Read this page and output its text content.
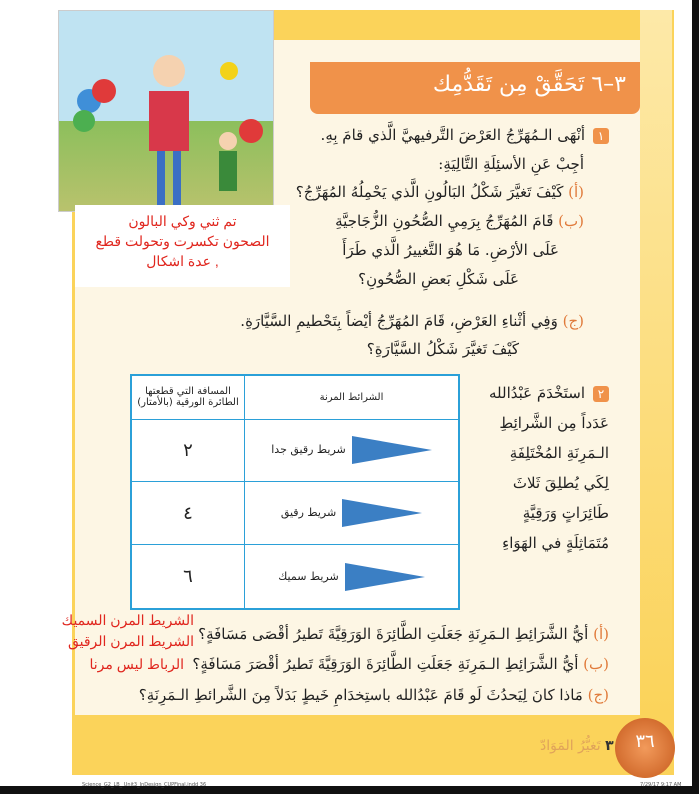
٣–٦ تَحَقَّقْ مِن تَقَدُّمِك
تم ثني وكي البالون
الصحون تكسرت وتحولت قطع
, عدة اشكال
١أنْهَى الـمُهَرِّجُ العَرْضَ التَّرفيهيَّ الَّذي قامَ بِهِ.
أجِبْ عَنِ الأسئِلَةِ التَّالِيَةِ:
(أ) كَيْفَ تَغيَّرَ شَكْلُ البَالُونِ الَّذي يَحْمِلُهُ المُهَرِّجُ؟
(ب) قَامَ المُهَرِّجُ بِرَمِيِ الصُّحُونِ الزُّجَاجيَّةِ
عَلَى الأرْضِ. مَا هُوَ التَّغييرُ الَّذي طَرَأَ
عَلَى شَكْلِ بَعضِ الصُّحُونِ؟
(ج) وَفِي أثْناءِ العَرْضِ، قَامَ المُهَرِّجُ أيْضاً بِتَحْطيمِ السَّيَّارَةِ.
كَيْفَ تَغيَّرَ شَكْلُ السَّيَّارَةِ؟
٢استَخْدَمَ عَبْدُالله
عَدَداً مِن الشَّرائِطِ
الـمَرِنَةِ المُخْتَلِفَةِ
لِكَي يُطلِقَ ثَلاثَ
طَائِرَاتٍ وَرَقِيَّةٍ
مُتَمَاثِلَةٍ في الهَوَاءِ
الشرائط المرنة	المسافة التي قطعتها الطائرة الورقية (بالأمتار)
شريط رقيق جدا	٢
شريط رقيق	٤
شريط سميك	٦
(أ) أيُّ الشَّرَائِطِ الـمَرِنَةِ جَعَلَتِ الطَّائِرَةَ الوَرَقِيَّةَ تَطيرُ أقْصَى مَسَافَةٍ؟
(ب) أيُّ الشَّرَائِطِ الـمَرِنَةِ جَعَلَتِ الطَّائِرَةَ الوَرَقِيَّةَ تَطيرُ أقْصَرَ مَسَافَةٍ؟
(ج) مَاذا كانَ لِيَحدُثَ لَو قَامَ عَبْدُالله باستِخدَامِ خَيطٍ بَدَلاً مِنَ الشَّرائطِ الـمَرِنَةِ؟
الشريط المرن السميك
الشريط المرن الرقيق
الرباط ليس مرنا
٣ تَغيُّرُ المَوَادّ	٣٦
Science_G2_LB_ Unit3_InDesign_CUPFinal.indd 36	7/29/17 9:17 AM
